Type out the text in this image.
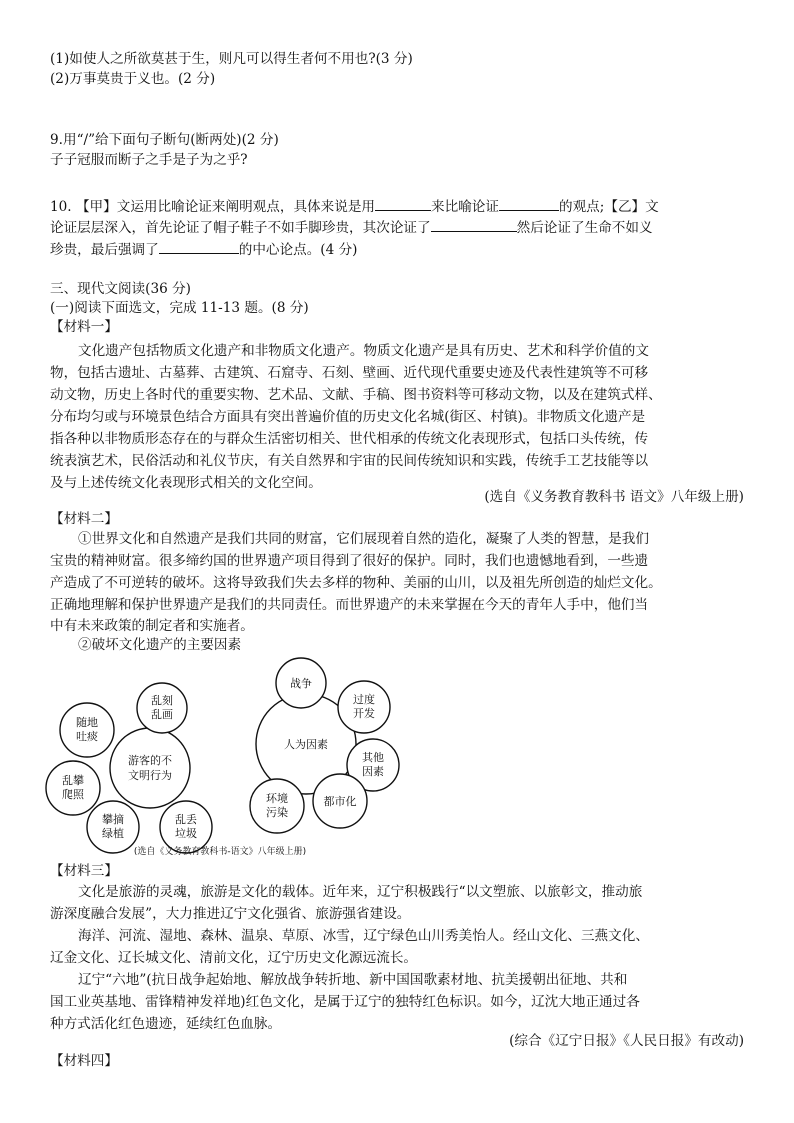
(1)如使人之所欲莫甚于生，则凡可以得生者何不用也?(3 分)
(2)万事莫贵于义也。(2 分)
9.用“/”给下面句子断句(断两处)(2 分)
子子冠服而断子之手是子为之乎?
10. 【甲】文运用比喻论证来阐明观点，具体来说是用	来比喻论证	的观点;【乙】文
论证层层深入，首先论证了帽子鞋子不如手脚珍贵，其次论证了	然后论证了生命不如义
珍贵，最后强调了	的中心论点。(4 分)
三、现代文阅读(36 分)
(一)阅读下面选文，完成 11-13 题。(8 分)
【材料一】
文化遗产包括物质文化遗产和非物质文化遗产。物质文化遗产是具有历史、艺术和科学价值的文
物，包括古遗址、古墓葬、古建筑、石窟寺、石刻、壁画、近代现代重要史迹及代表性建筑等不可移
动文物，历史上各时代的重要实物、艺术品、文献、手稿、图书资料等可移动文物，以及在建筑式样、
分布均匀或与环境景色结合方面具有突出普遍价值的历史文化名城(街区、村镇)。非物质文化遗产是
指各种以非物质形态存在的与群众生活密切相关、世代相承的传统文化表现形式，包括口头传统，传
统表演艺术，民俗活动和礼仪节庆，有关自然界和宇宙的民间传统知识和实践，传统手工艺技能等以
及与上述传统文化表现形式相关的文化空间。
(选自《义务教育教科书 语文》八年级上册)
【材料二】
①世界文化和自然遗产是我们共同的财富，它们展现着自然的造化，凝聚了人类的智慧，是我们
宝贵的精神财富。很多缔约国的世界遗产项目得到了很好的保护。同时，我们也遗憾地看到，一些遗
产造成了不可逆转的破坏。这将导致我们失去多样的物种、美丽的山川，以及祖先所创造的灿烂文化。
正确地理解和保护世界遗产是我们的共同责任。而世界遗产的未来掌握在今天的青年人手中，他们当
中有未来政策的制定者和实施者。
②破坏文化遗产的主要因素
游客的不
文明行为
乱刻
乱画
随地
吐痰
乱攀
爬照
攀摘
绿植
乱丢
垃圾
人为因素
战争
过度
开发
其他
因素
都市化
环境
污染
(选自《义务教育教科书-语文》八年级上册)
【材料三】
文化是旅游的灵魂，旅游是文化的载体。近年来，辽宁积极践行“以文塑旅、以旅彰文，推动旅
游深度融合发展”，大力推进辽宁文化强省、旅游强省建设。
海洋、河流、湿地、森林、温泉、草原、冰雪，辽宁绿色山川秀美怡人。经山文化、三燕文化、
辽金文化、辽长城文化、清前文化，辽宁历史文化源远流长。
辽宁“六地”(抗日战争起始地、解放战争转折地、新中国国歌素材地、抗美援朝出征地、共和
国工业英基地、雷锋精神发祥地)红色文化，是属于辽宁的独特红色标识。如今，辽沈大地正通过各
种方式活化红色遗迹，延续红色血脉。
(综合《辽宁日报》《人民日报》有改动)
【材料四】
